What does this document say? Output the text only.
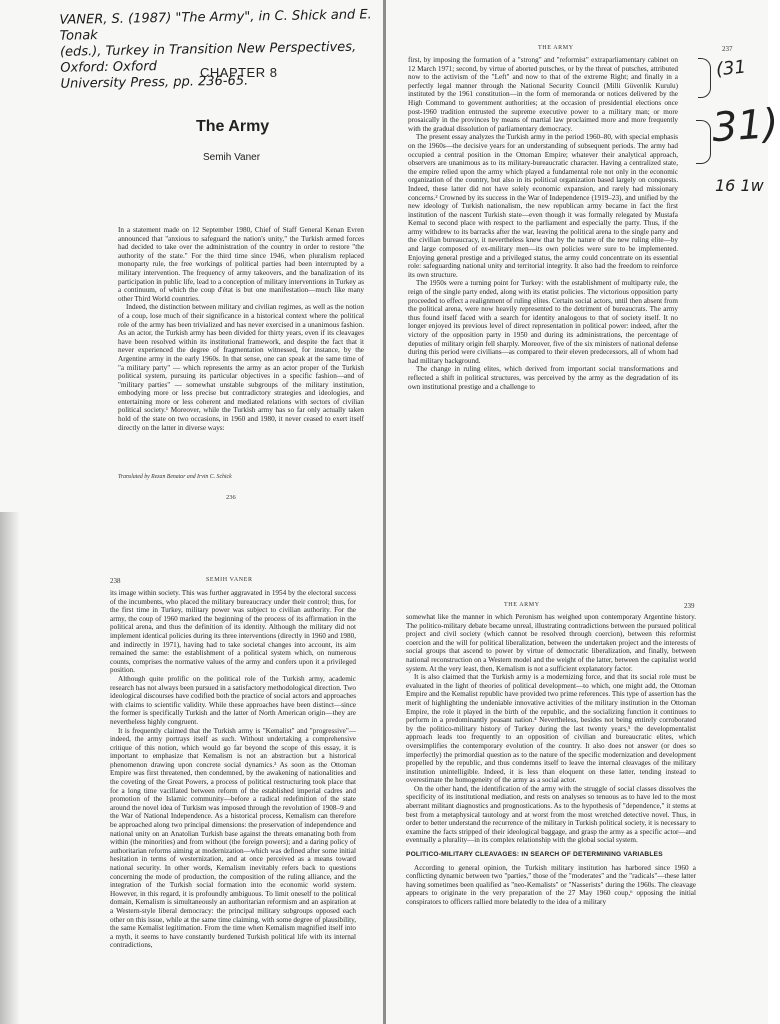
VANER, S. (1987) "The Army", in C. Shick and E. Tonak
(eds.), Turkey in Transition New Perspectives, Oxford: Oxford
University Press, pp. 236-65.
CHAPTER 8
The Army
Semih Vaner

In a statement made on 12 September 1980, Chief of Staff General Kenan Evren announced that "anxious to safeguard the nation's unity," the Turkish armed forces had decided to take over the administration of the country in order to restore "the authority of the state." For the third time since 1946, when pluralism replaced monoparty rule, the free workings of political parties had been interrupted by a military intervention. The frequency of army takeovers, and the banalization of its participation in public life, lead to a conception of military interventions in Turkey as a continuum, of which the coup d'état is but one manifestation—much like many other Third World countries.

Indeed, the distinction between military and civilian regimes, as well as the notion of a coup, lose much of their significance in a historical context where the political role of the army has been trivialized and has never exercised in a unanimous fashion. As an actor, the Turkish army has been divided for thirty years, even if its cleavages have been resolved within its institutional framework, and despite the fact that it never experienced the degree of fragmentation witnessed, for instance, by the Argentine army in the early 1960s. In that sense, one can speak at the same time of "a military party" — which represents the army as an actor proper of the Turkish political system, pursuing its particular objectives in a specific fashion—and of "military parties" — somewhat unstable subgroups of the military institution, embodying more or less precise but contradictory strategies and ideologies, and entertaining more or less coherent and mediated relations with sectors of civilian political society.¹ Moreover, while the Turkish army has so far only actually taken hold of the state on two occasions, in 1960 and 1980, it never ceased to exert itself directly on the latter in diverse ways:

Translated by Rezan Benatar and Irvin C. Schick
236
THE ARMY	237

first, by imposing the formation of a "strong" and "reformist" extraparliamentary cabinet on 12 March 1971; second, by virtue of aborted putsches, or by the threat of putsches, attributed now to the activism of the "Left" and now to that of the extreme Right; and finally in a perfectly legal manner through the National Security Council (Milli Güvenlik Kurulu) instituted by the 1961 constitution—in the form of memoranda or notices delivered by the High Command to government authorities; at the occasion of presidential elections once post-1960 tradition entrusted the supreme executive power to a military man; or more prosaically in the provinces by means of martial law proclaimed more and more frequently with the gradual dissolution of parliamentary democracy.

The present essay analyzes the Turkish army in the period 1960–80, with special emphasis on the 1960s—the decisive years for an understanding of subsequent periods. The army had occupied a central position in the Ottoman Empire; whatever their analytical approach, observers are unanimous as to its military-bureaucratic character. Having a centralized state, the empire relied upon the army which played a fundamental role not only in the economic organization of the country, but also in its political organization based largely on conquests. Indeed, these latter did not have solely economic expansion, and rarely had missionary concerns.² Crowned by its success in the War of Independence (1919–23), and unified by the new ideology of Turkish nationalism, the new republican army became in fact the first institution of the nascent Turkish state—even though it was formally relegated by Mustafa Kemal to second place with respect to the parliament and especially the party. Thus, if the army withdrew to its barracks after the war, leaving the political arena to the single party and the civilian bureaucracy, it nevertheless knew that by the nature of the new ruling elite—by and large composed of ex-military men—its own policies were sure to be implemented. Enjoying general prestige and a privileged status, the army could concentrate on its essential role: safeguarding national unity and territorial integrity. It also had the freedom to reinforce its own structure.

The 1950s were a turning point for Turkey: with the establishment of multiparty rule, the reign of the single party ended, along with its etatist policies. The victorious opposition party proceeded to effect a realignment of ruling elites. Certain social actors, until then absent from the political arena, were now heavily represented to the detriment of bureaucrats. The army thus found itself faced with a search for identity analogous to that of society itself. It no longer enjoyed its previous level of direct representation in political power: indeed, after the victory of the opposition party in 1950 and during its administrations, the percentage of deputies of military origin fell sharply. Moreover, five of the six ministers of national defense during this period were civilians—as compared to their eleven predecessors, all of whom had had military background.

The change in ruling elites, which derived from important social transformations and reflected a shift in political structures, was perceived by the army as the degradation of its own institutional prestige and a challenge to

(31
31)
16 1w
238	SEMIH VANER

its image within society. This was further aggravated in 1954 by the electoral success of the incumbents, who placed the military bureaucracy under their control; thus, for the first time in Turkey, military power was subject to civilian authority. For the army, the coup of 1960 marked the beginning of the process of its affirmation in the political arena, and thus the definition of its identity. Although the military did not implement identical policies during its three interventions (directly in 1960 and 1980, and indirectly in 1971), having had to take societal changes into account, its aim remained the same: the establishment of a political system which, on numerous counts, comprises the normative values of the army and confers upon it a privileged position.

Although quite prolific on the political role of the Turkish army, academic research has not always been pursued in a satisfactory methodological direction. Two ideological discourses have codified both the practice of social actors and approaches with claims to scientific validity. While these approaches have been distinct—since the former is specifically Turkish and the latter of North American origin—they are nevertheless highly congruent.

It is frequently claimed that the Turkish army is "Kemalist" and "progressive"— indeed, the army portrays itself as such. Without undertaking a comprehensive critique of this notion, which would go far beyond the scope of this essay, it is important to emphasize that Kemalism is not an abstraction but a historical phenomenon drawing upon concrete social dynamics.³ As soon as the Ottoman Empire was first threatened, then condemned, by the awakening of nationalities and the coveting of the Great Powers, a process of political restructuring took place that for a long time vacillated between reform of the established imperial cadres and promotion of the Islamic community—before a radical redefinition of the state around the novel idea of Turkism was imposed through the revolution of 1908–9 and the War of National Independence. As a historical process, Kemalism can therefore be approached along two principal dimensions: the preservation of independence and national unity on an Anatolian Turkish base against the threats emanating both from within (the minorities) and from without (the foreign powers); and a daring policy of authoritarian reforms aiming at modernization—which was defined after some initial hesitation in terms of westernization, and at once perceived as a means toward national security. In other words, Kemalism inevitably refers back to questions concerning the mode of production, the composition of the ruling alliance, and the integration of the Turkish social formation into the economic world system. However, in this regard, it is profoundly ambiguous. To limit oneself to the political domain, Kemalism is simultaneously an authoritarian reformism and an aspiration at a Western-style liberal democracy: the principal military subgroups opposed each other on this issue, while at the same time claiming, with some degree of plausibility, the same Kemalist legitimation. From the time when Kemalism magnified itself into a myth, it seems to have constantly burdened Turkish political life with its internal contradictions,

THE ARMY	239

somewhat like the manner in which Peronism has weighed upon contemporary Argentine history. The politico-military debate became unreal, illustrating contradictions between the pursued political project and civil society (which cannot be resolved through coercion), between this reformist coercion and the will for political liberalization, between the undertaken project and the interests of social groups that ascend to power by virtue of democratic liberalization, and finally, between national reconstruction on a Western model and the weight of the latter, between the capitalist world system. At the very least, then, Kemalism is not a sufficient explanatory factor.

It is also claimed that the Turkish army is a modernizing force, and that its social role must be evaluated in the light of theories of political development—to which, one might add, the Ottoman Empire and the Kemalist republic have provided two prime references. This type of assertion has the merit of highlighting the undeniable innovative activities of the military institution in the Ottoman Empire, the role it played in the birth of the republic, and the socializing function it continues to perform in a predominantly peasant nation.⁴ Nevertheless, besides not being entirely corroborated by the politico-military history of Turkey during the last twenty years,⁵ the developmentalist approach leads too frequently to an opposition of civilian and bureaucratic elites, which oversimplifies the contemporary evolution of the country. It also does not answer (or does so imperfectly) the primordial question as to the nature of the specific modernization and development propelled by the republic, and thus condemns itself to leave the internal cleavages of the military institution unintelligible. Indeed, it is less than eloquent on these latter, tending instead to overestimate the homogeneity of the army as a social actor.

On the other hand, the identification of the army with the struggle of social classes dissolves the specificity of its institutional mediation, and rests on analyses so tenuous as to have led to the most aberrant militant diagnostics and prognostications. As to the hypothesis of "dependence," it stems at best from a metaphysical tautology and at worst from the most wretched detective novel. Thus, in order to better understand the recurrence of the military in Turkish political society, it is necessary to examine the facts stripped of their ideological baggage, and grasp the army as a specific actor—and eventually a plurality—in its complex relationship with the global social system.

POLITICO-MILITARY CLEAVAGES: IN SEARCH OF DETERMINING VARIABLES

According to general opinion, the Turkish military institution has harbored since 1960 a conflicting dynamic between two "parties," those of the "moderates" and the "radicals"—these latter having sometimes been qualified as "neo-Kemalists" or "Nasserists" during the 1960s. The cleavage appears to originate in the very preparation of the 27 May 1960 coup,⁶ opposing the initial conspirators to officers rallied more belatedly to the idea of a military
